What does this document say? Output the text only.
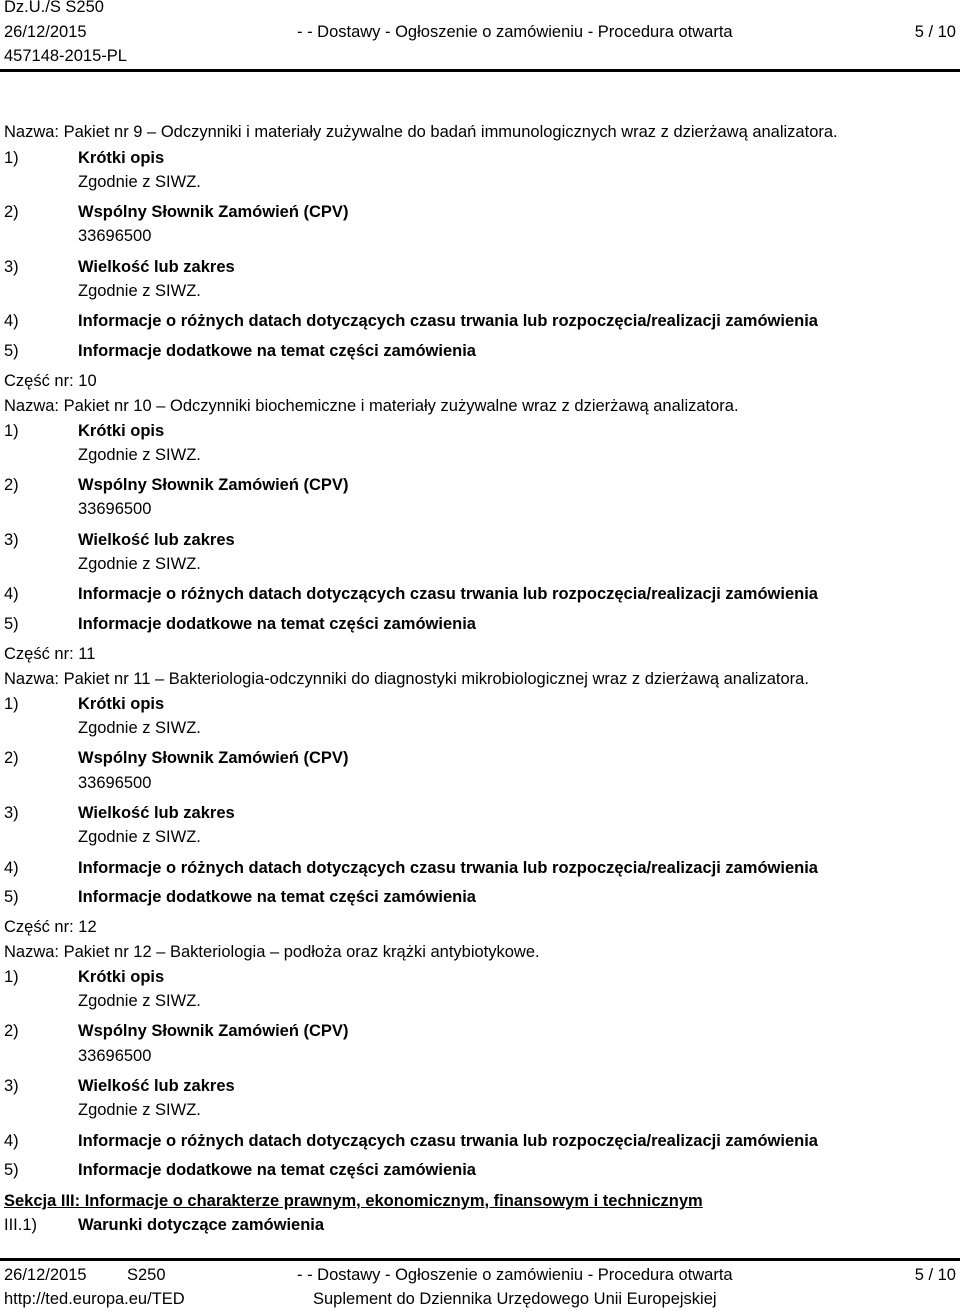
Dz.U./S S250
26/12/2015	- - Dostawy - Ogłoszenie o zamówieniu - Procedura otwarta	5 / 10
457148-2015-PL
Nazwa: Pakiet nr 9 – Odczynniki i materiały zużywalne do badań immunologicznych wraz z dzierżawą analizatora.
1)	Krótki opis
Zgodnie z SIWZ.
2)	Wspólny Słownik Zamówień (CPV)
33696500
3)	Wielkość lub zakres
Zgodnie z SIWZ.
4)	Informacje o różnych datach dotyczących czasu trwania lub rozpoczęcia/realizacji zamówienia
5)	Informacje dodatkowe na temat części zamówienia
Część nr: 10
Nazwa: Pakiet nr 10 – Odczynniki biochemiczne i materiały zużywalne wraz z dzierżawą analizatora.
1)	Krótki opis
Zgodnie z SIWZ.
2)	Wspólny Słownik Zamówień (CPV)
33696500
3)	Wielkość lub zakres
Zgodnie z SIWZ.
4)	Informacje o różnych datach dotyczących czasu trwania lub rozpoczęcia/realizacji zamówienia
5)	Informacje dodatkowe na temat części zamówienia
Część nr: 11
Nazwa: Pakiet nr 11 – Bakteriologia-odczynniki do diagnostyki mikrobiologicznej wraz z dzierżawą analizatora.
1)	Krótki opis
Zgodnie z SIWZ.
2)	Wspólny Słownik Zamówień (CPV)
33696500
3)	Wielkość lub zakres
Zgodnie z SIWZ.
4)	Informacje o różnych datach dotyczących czasu trwania lub rozpoczęcia/realizacji zamówienia
5)	Informacje dodatkowe na temat części zamówienia
Część nr: 12
Nazwa: Pakiet nr 12 – Bakteriologia – podłoża oraz krążki antybiotykowe.
1)	Krótki opis
Zgodnie z SIWZ.
2)	Wspólny Słownik Zamówień (CPV)
33696500
3)	Wielkość lub zakres
Zgodnie z SIWZ.
4)	Informacje o różnych datach dotyczących czasu trwania lub rozpoczęcia/realizacji zamówienia
5)	Informacje dodatkowe na temat części zamówienia
Sekcja III: Informacje o charakterze prawnym, ekonomicznym, finansowym i technicznym
III.1) Warunki dotyczące zamówienia
26/12/2015 S250	- - Dostawy - Ogłoszenie o zamówieniu - Procedura otwarta	5 / 10
http://ted.europa.eu/TED	Suplement do Dziennika Urzędowego Unii Europejskiej
